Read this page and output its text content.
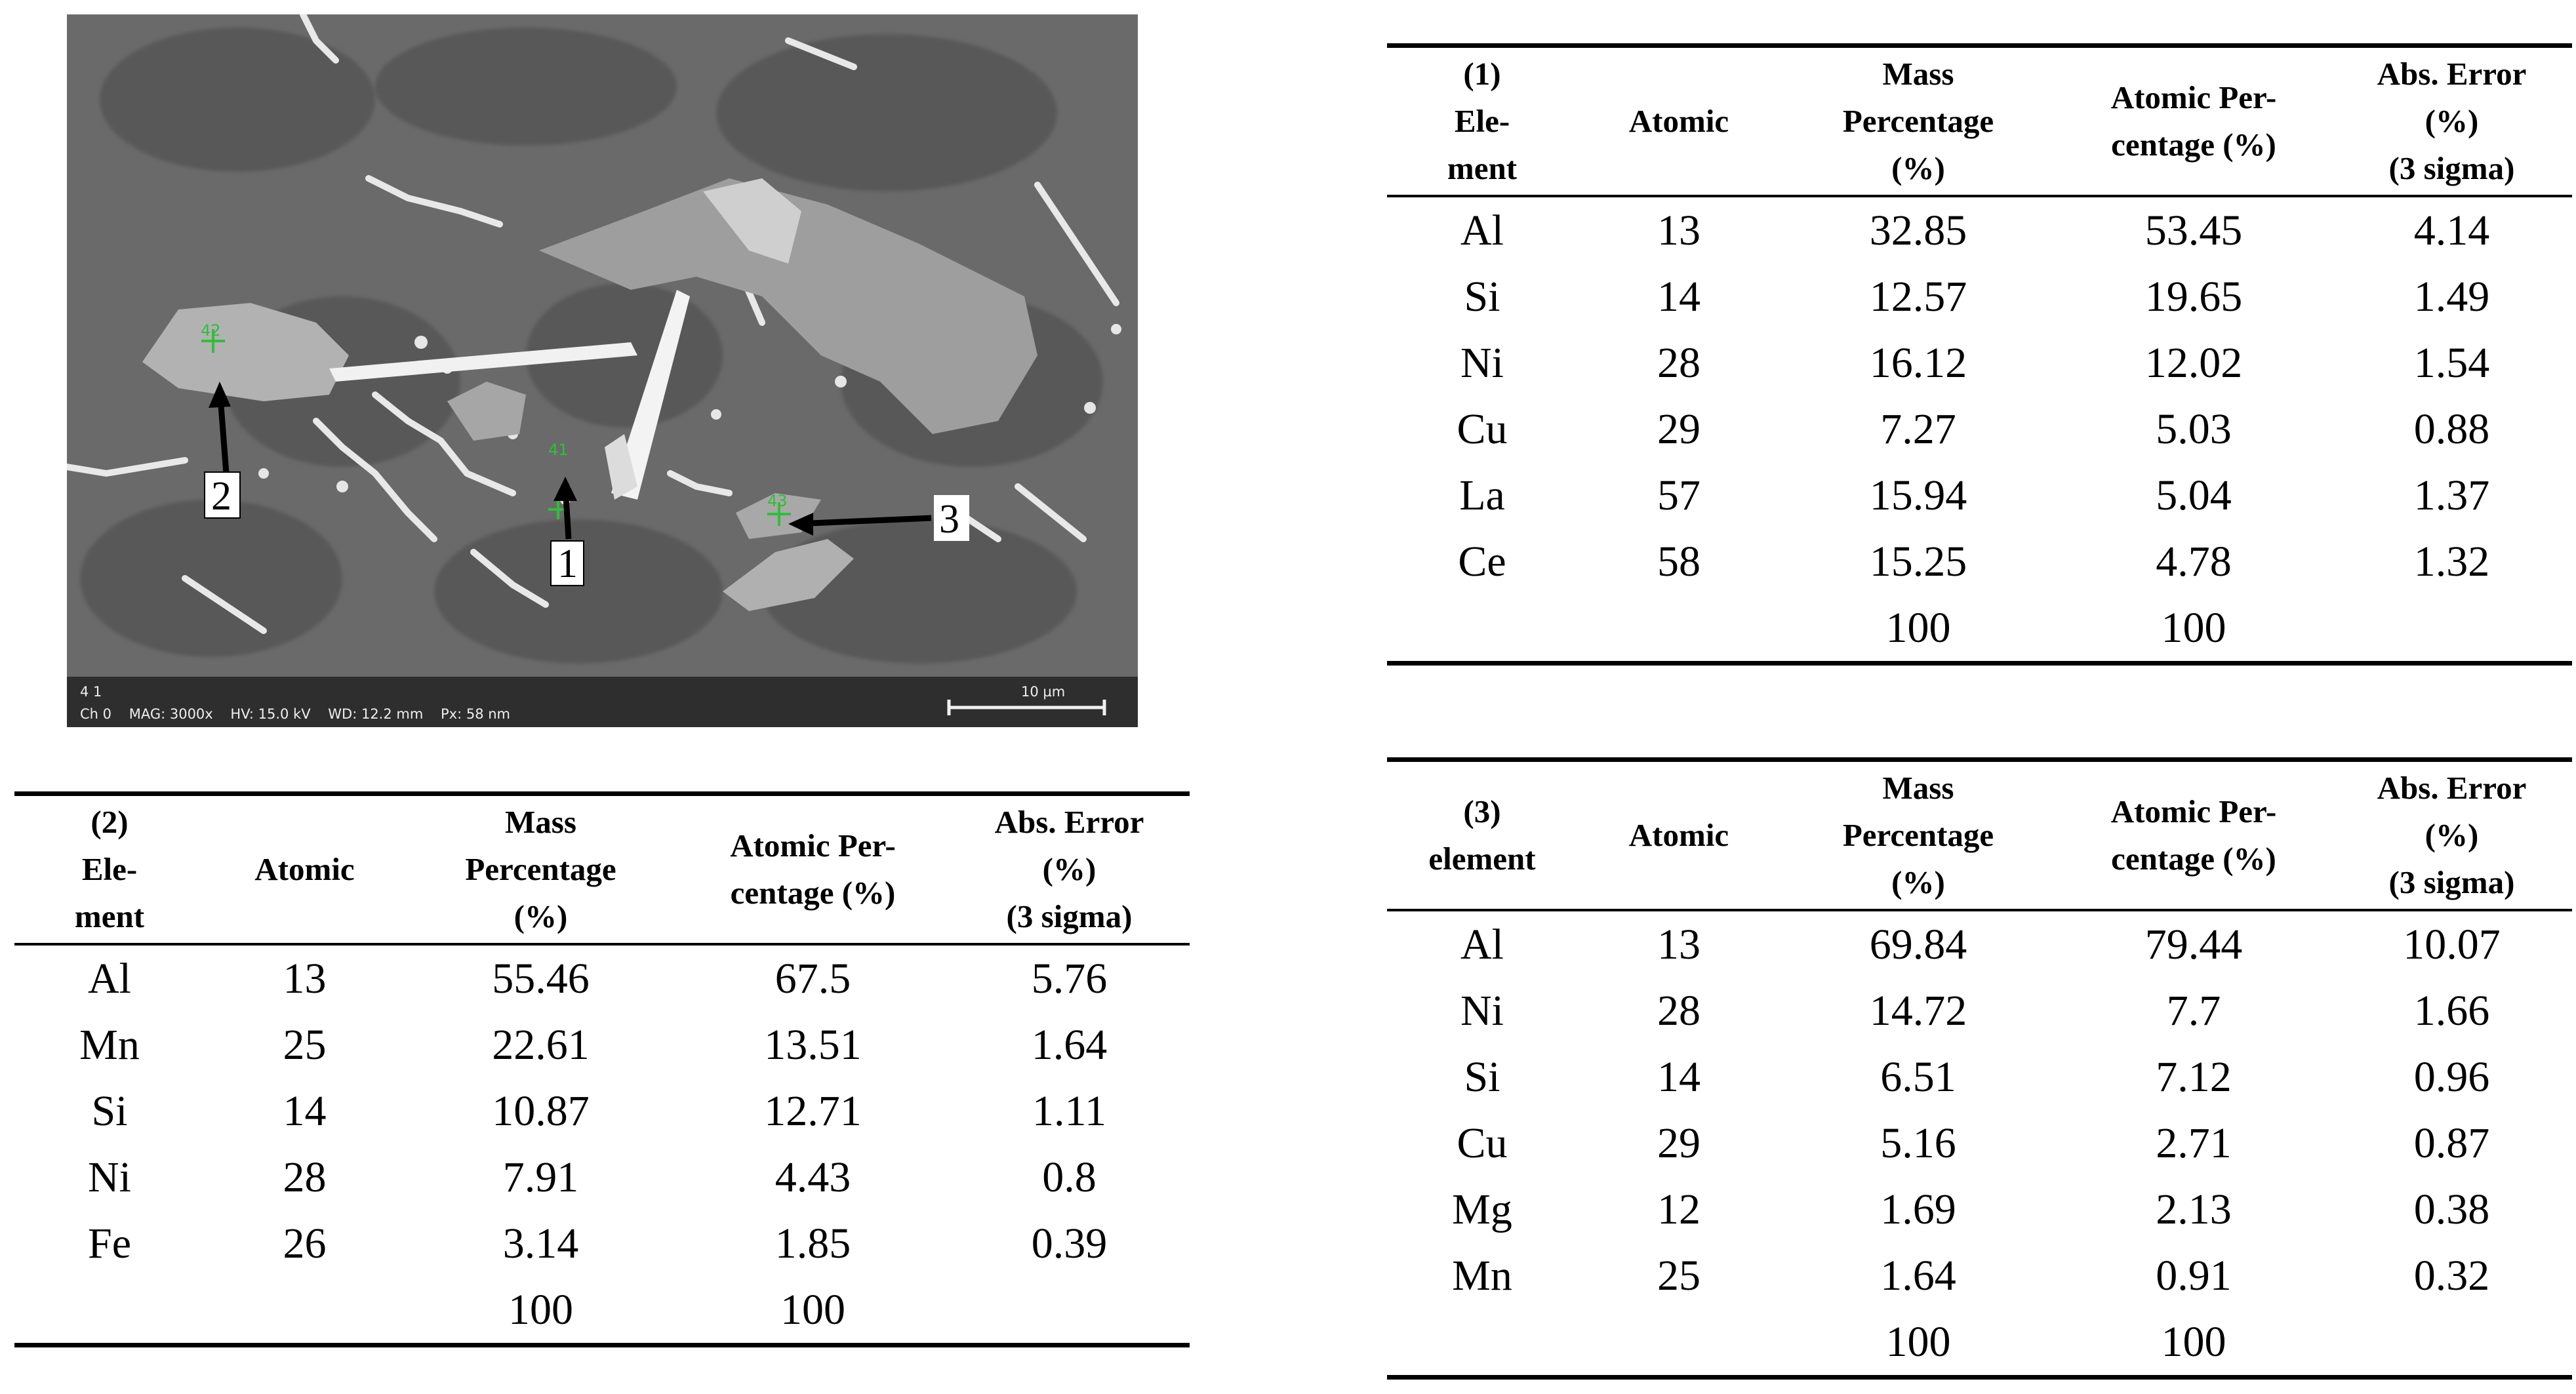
42
41
43
2
1
3
4 1
Ch 0    MAG: 3000x    HV: 15.0 kV    WD: 12.2 mm    Px: 58 nm
10 µm
(1)
Ele-
ment	Atomic	Mass
Percentage
(%)	Atomic Per-
centage (%)	Abs. Error
(%)
(3 sigma)
Al	13	32.85	53.45	4.14
Si	14	12.57	19.65	1.49
Ni	28	16.12	12.02	1.54
Cu	29	7.27	5.03	0.88
La	57	15.94	5.04	1.37
Ce	58	15.25	4.78	1.32
		100	100	
(2)
Ele-
ment	Atomic	Mass
Percentage
(%)	Atomic Per-
centage (%)	Abs. Error
(%)
(3 sigma)
Al	13	55.46	67.5	5.76
Mn	25	22.61	13.51	1.64
Si	14	10.87	12.71	1.11
Ni	28	7.91	4.43	0.8
Fe	26	3.14	1.85	0.39
		100	100	
(3)
element	Atomic	Mass
Percentage
(%)	Atomic Per-
centage (%)	Abs. Error
(%)
(3 sigma)
Al	13	69.84	79.44	10.07
Ni	28	14.72	7.7	1.66
Si	14	6.51	7.12	0.96
Cu	29	5.16	2.71	0.87
Mg	12	1.69	2.13	0.38
Mn	25	1.64	0.91	0.32
		100	100	
